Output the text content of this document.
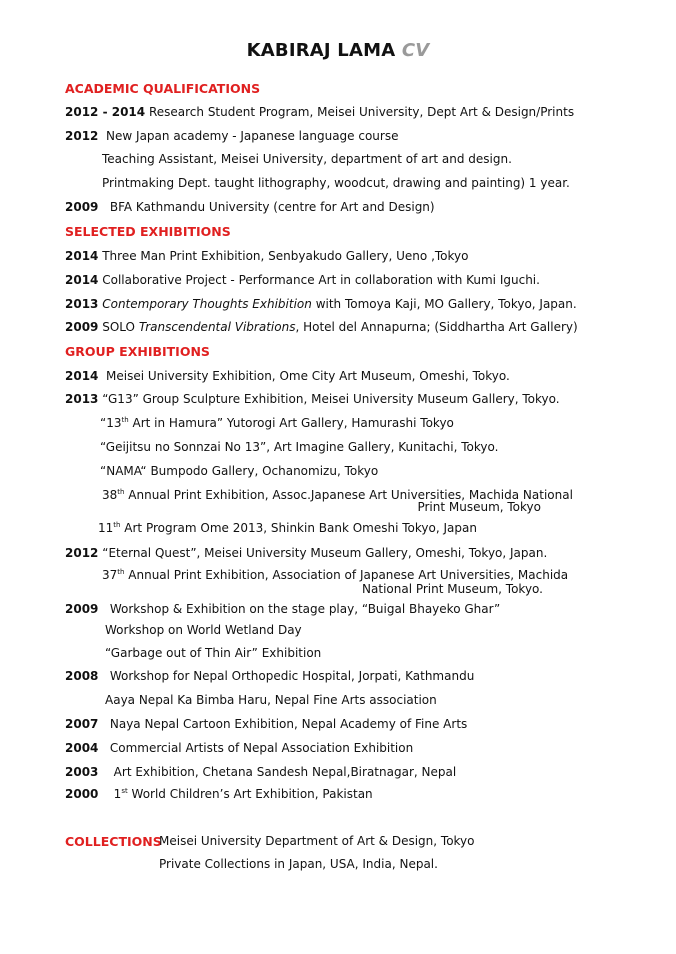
KABIRAJ LAMA CV
ACADEMIC QUALIFICATIONS
2012 - 2014 Research Student Program, Meisei University, Dept Art & Design/Prints
2012 New Japan academy - Japanese language course
Teaching Assistant, Meisei University, department of art and design.
Printmaking Dept. taught lithography, woodcut, drawing and painting) 1 year.
2009 BFA Kathmandu University (centre for Art and Design)
SELECTED EXHIBITIONS
2014 Three Man Print Exhibition, Senbyakudo Gallery, Ueno ,Tokyo
2014 Collaborative Project - Performance Art in collaboration with Kumi Iguchi.
2013 Contemporary Thoughts Exhibition with Tomoya Kaji, MO Gallery, Tokyo, Japan.
2009 SOLO Transcendental Vibrations, Hotel del Annapurna; (Siddhartha Art Gallery)
GROUP EXHIBITIONS
2014 Meisei University Exhibition, Ome City Art Museum, Omeshi, Tokyo.
2013 “G13” Group Sculpture Exhibition, Meisei University Museum Gallery, Tokyo.
“13th Art in Hamura” Yutorogi Art Gallery, Hamurashi Tokyo
“Geijitsu no Sonnzai No 13”, Art Imagine Gallery, Kunitachi, Tokyo.
“NAMA“ Bumpodo Gallery, Ochanomizu, Tokyo
38th Annual Print Exhibition, Assoc.Japanese Art Universities, Machida National
Print Museum, Tokyo
11th Art Program Ome 2013, Shinkin Bank Omeshi Tokyo, Japan
2012 “Eternal Quest”, Meisei University Museum Gallery, Omeshi, Tokyo, Japan.
37th Annual Print Exhibition, Association of Japanese Art Universities, Machida
National Print Museum, Tokyo.
2009 Workshop & Exhibition on the stage play, “Buigal Bhayeko Ghar”
Workshop on World Wetland Day
“Garbage out of Thin Air” Exhibition
2008 Workshop for Nepal Orthopedic Hospital, Jorpati, Kathmandu
Aaya Nepal Ka Bimba Haru, Nepal Fine Arts association
2007 Naya Nepal Cartoon Exhibition, Nepal Academy of Fine Arts
2004 Commercial Artists of Nepal Association Exhibition
2003 Art Exhibition, Chetana Sandesh Nepal,Biratnagar, Nepal
2000 1st World Children’s Art Exhibition, Pakistan
COLLECTIONS
Meisei University Department of Art & Design, Tokyo
Private Collections in Japan, USA, India, Nepal.
